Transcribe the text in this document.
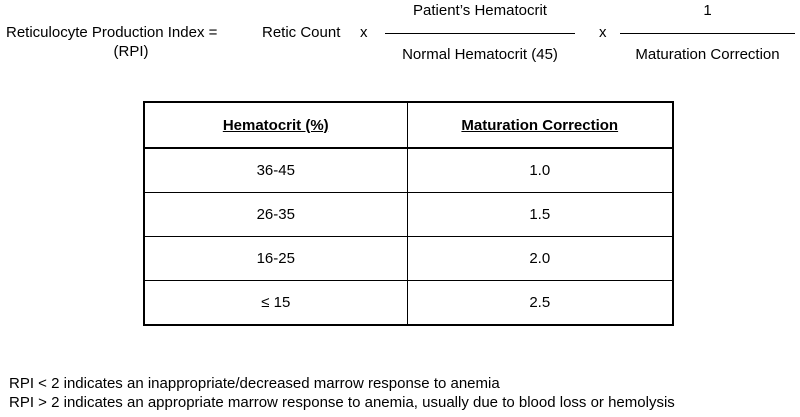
Reticulocyte Production Index =
(RPI)
Retic Count x
Patient’s Hematocrit
Normal Hematocrit (45)
x
1
Maturation Correction
Hematocrit (%)	Maturation Correction
36-45	1.0
26-35	1.5
16-25	2.0
≤ 15	2.5
RPI < 2 indicates an inappropriate/decreased marrow response to anemia
RPI > 2 indicates an appropriate marrow response to anemia, usually due to blood loss or hemolysis
